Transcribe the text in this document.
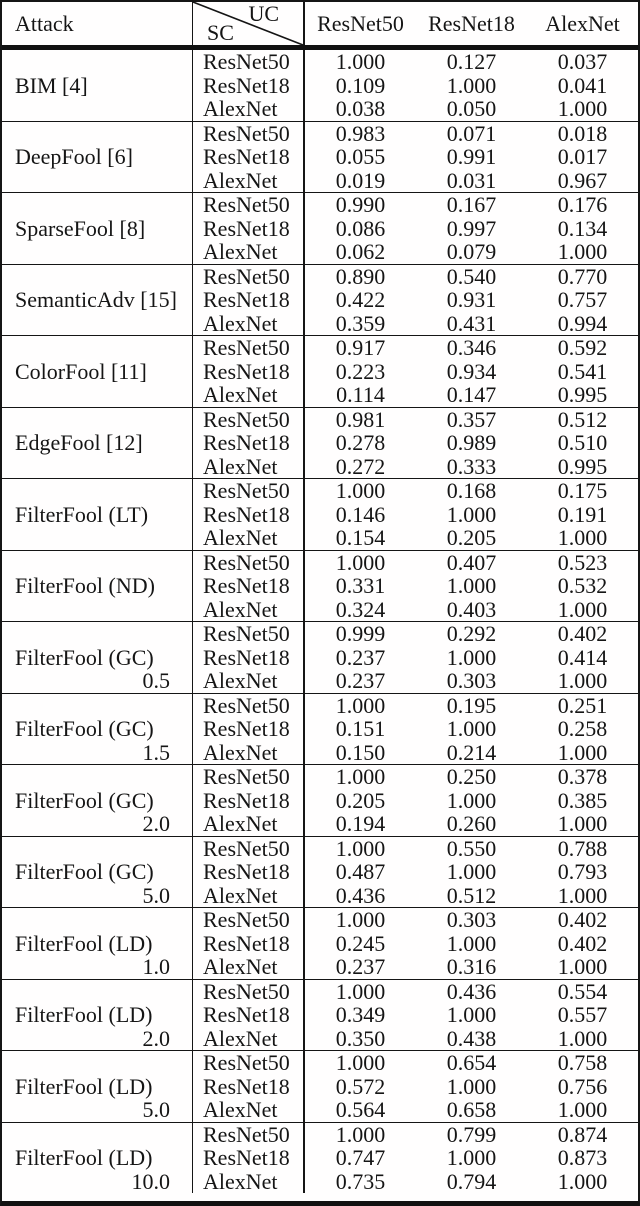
Attack	UC
SC	ResNet50	ResNet18	AlexNet
BIM [4]
ResNet50	1.000	0.127	0.037
ResNet18	0.109	1.000	0.041
AlexNet	0.038	0.050	1.000
DeepFool [6]
ResNet50	0.983	0.071	0.018
ResNet18	0.055	0.991	0.017
AlexNet	0.019	0.031	0.967
SparseFool [8]
ResNet50	0.990	0.167	0.176
ResNet18	0.086	0.997	0.134
AlexNet	0.062	0.079	1.000
SemanticAdv [15]
ResNet50	0.890	0.540	0.770
ResNet18	0.422	0.931	0.757
AlexNet	0.359	0.431	0.994
ColorFool [11]
ResNet50	0.917	0.346	0.592
ResNet18	0.223	0.934	0.541
AlexNet	0.114	0.147	0.995
EdgeFool [12]
ResNet50	0.981	0.357	0.512
ResNet18	0.278	0.989	0.510
AlexNet	0.272	0.333	0.995
FilterFool (LT)
ResNet50	1.000	0.168	0.175
ResNet18	0.146	1.000	0.191
AlexNet	0.154	0.205	1.000
FilterFool (ND)
ResNet50	1.000	0.407	0.523
ResNet18	0.331	1.000	0.532
AlexNet	0.324	0.403	1.000
FilterFool (GC)
0.5
ResNet50	0.999	0.292	0.402
ResNet18	0.237	1.000	0.414
AlexNet	0.237	0.303	1.000
FilterFool (GC)
1.5
ResNet50	1.000	0.195	0.251
ResNet18	0.151	1.000	0.258
AlexNet	0.150	0.214	1.000
FilterFool (GC)
2.0
ResNet50	1.000	0.250	0.378
ResNet18	0.205	1.000	0.385
AlexNet	0.194	0.260	1.000
FilterFool (GC)
5.0
ResNet50	1.000	0.550	0.788
ResNet18	0.487	1.000	0.793
AlexNet	0.436	0.512	1.000
FilterFool (LD)
1.0
ResNet50	1.000	0.303	0.402
ResNet18	0.245	1.000	0.402
AlexNet	0.237	0.316	1.000
FilterFool (LD)
2.0
ResNet50	1.000	0.436	0.554
ResNet18	0.349	1.000	0.557
AlexNet	0.350	0.438	1.000
FilterFool (LD)
5.0
ResNet50	1.000	0.654	0.758
ResNet18	0.572	1.000	0.756
AlexNet	0.564	0.658	1.000
FilterFool (LD)
10.0
ResNet50	1.000	0.799	0.874
ResNet18	0.747	1.000	0.873
AlexNet	0.735	0.794	1.000
